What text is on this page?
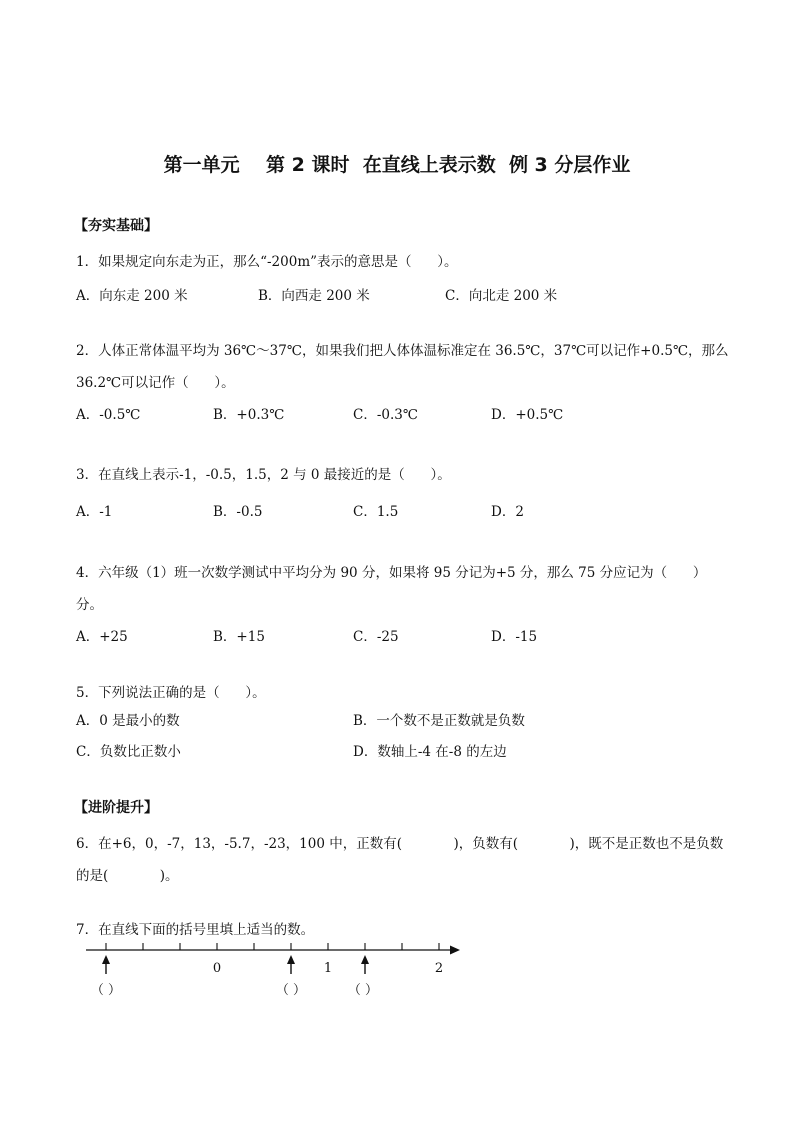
第一单元    第 2 课时  在直线上表示数  例 3 分层作业
【夯实基础】
1．如果规定向东走为正，那么“-200m”表示的意思是（      ）。
A．向东走 200 米	B．向西走 200 米	C．向北走 200 米
2．人体正常体温平均为 36℃～37℃，如果我们把人体体温标准定在 36.5℃，37℃可以记作+0.5℃，那么
36.2℃可以记作（      ）。
A．-0.5℃	B．+0.3℃	C．-0.3℃	D．+0.5℃
3．在直线上表示-1，-0.5，1.5，2 与 0 最接近的是（      ）。
A．-1	B．-0.5	C．1.5	D．2
4．六年级（1）班一次数学测试中平均分为 90 分，如果将 95 分记为+5 分，那么 75 分应记为（      ）
分。
A．+25	B．+15	C．-25	D．-15
5．下列说法正确的是（      ）。
A．0 是最小的数	B．一个数不是正数就是负数
C．负数比正数小	D．数轴上-4 在-8 的左边
【进阶提升】
6．在+6，0，-7，13，-5.7，-23，100 中，正数有(            )，负数有(            )，既不是正数也不是负数
的是(            )。
7．在直线下面的括号里填上适当的数。
0	1	2
（ ）	（ ）	（ ）
